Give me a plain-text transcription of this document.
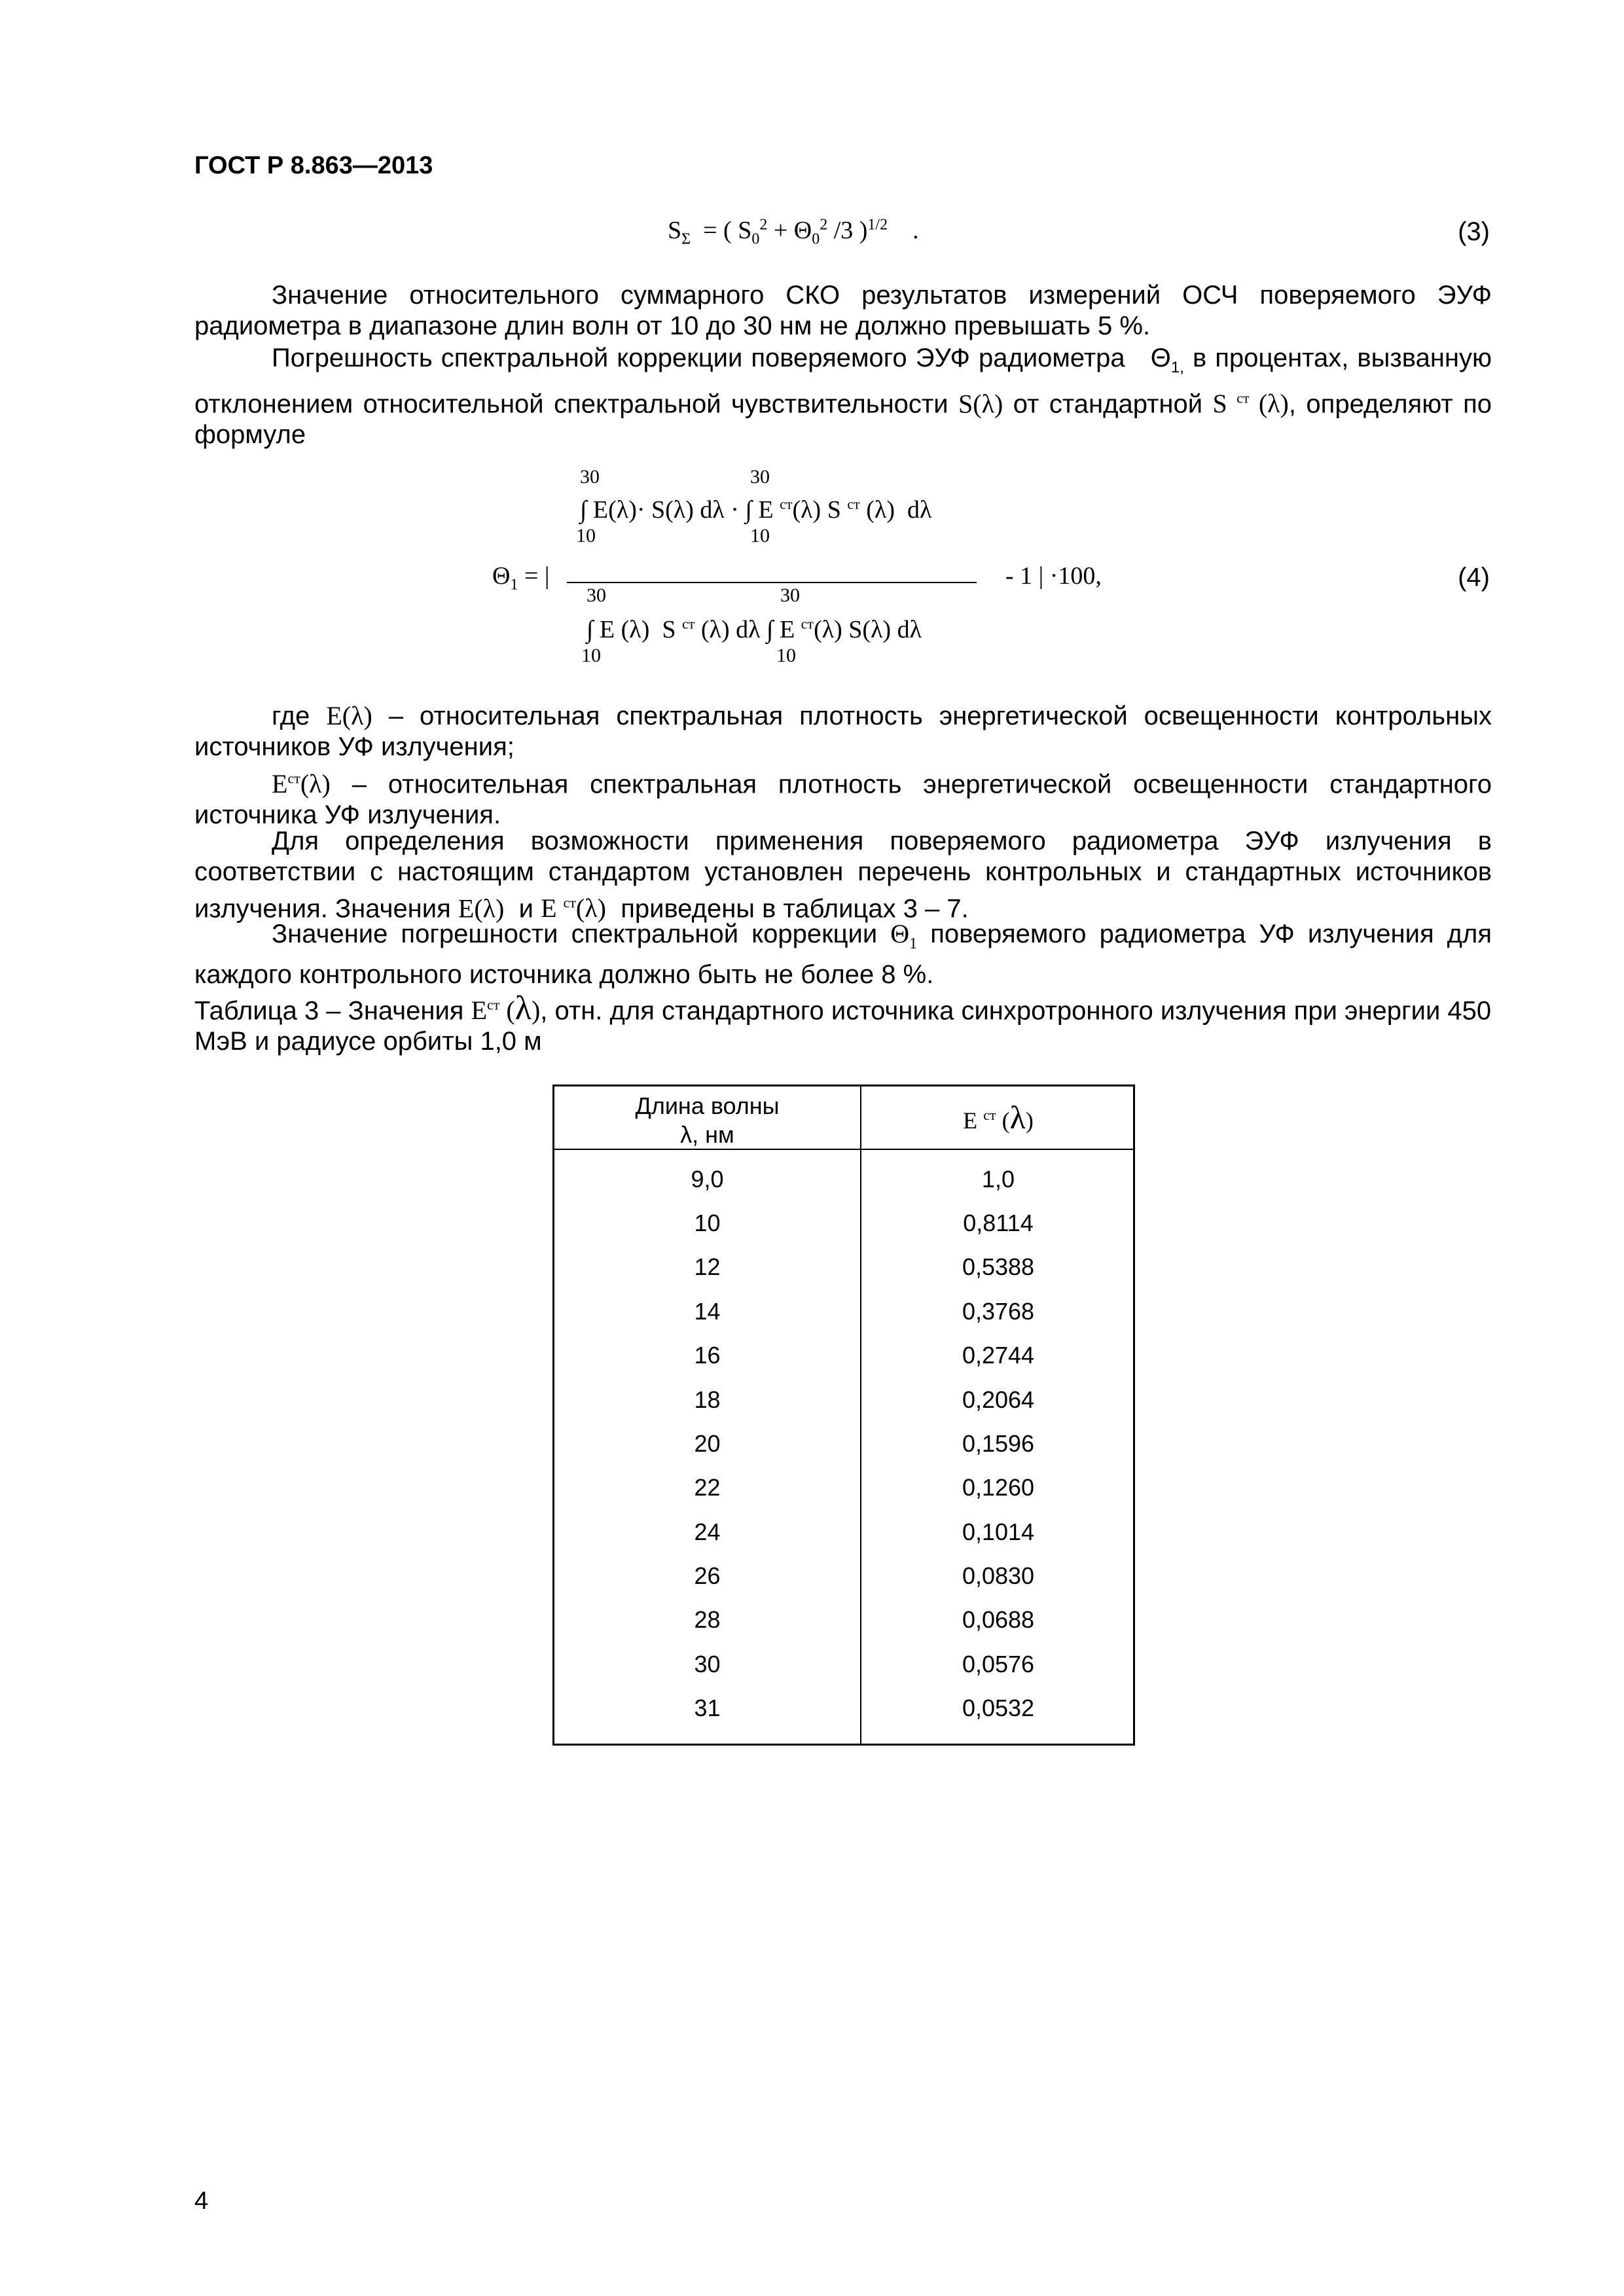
ГОСТ Р 8.863—2013
$S_\Sigma$  = ( $S_0^2 + \Theta_0^2$ /3 )$^{1/2}$    .	(3)
Значение относительного суммарного СКО результатов измерений ОСЧ поверяемого ЭУФ радиометра в диапазоне длин волн от 10 до 30 нм не должно превышать 5 %.
Погрешность спектральной коррекции поверяемого ЭУФ радиометра   $\Theta_{1,}$ в процентах, вызванную отклонением относительной спектральной чувствительности S(λ) от стандартной S $^{ст}$ (λ), определяют по формуле
30	30
∫ E(λ)· S(λ) dλ · ∫ E $^{ст}$(λ) S $^{ст}$ (λ)  dλ
10	10
$\Theta_1$ = |	- 1 | ·100,
30	30
∫ E (λ)  S $^{ст}$ (λ) dλ ∫ E $^{ст}$(λ) S(λ) dλ
10	10
(4)
где E(λ) – относительная спектральная плотность энергетической освещенности контрольных источников УФ излучения;
$E^{ст}(\lambda)$ – относительная спектральная плотность энергетической освещенности стандартного источника УФ излучения.
Для определения возможности применения поверяемого радиометра ЭУФ излучения в соответствии с настоящим стандартом установлен перечень контрольных и стандартных источников излучения. Значения E(λ) и E $^{ст}$(λ) приведены в таблицах 3 – 7.
Значение погрешности спектральной коррекции $\Theta_1$ поверяемого радиометра УФ излучения для каждого контрольного источника должно быть не более 8 %.
Таблица 3 – Значения $E^{ст}$ (λ), отн. для стандартного источника синхротронного излучения при энергии 450 МэВ и радиусе орбиты 1,0 м
Длина волны
λ, нм
E $^{ст}$ (λ)
9,0	1,0
10	0,8114
12	0,5388
14	0,3768
16	0,2744
18	0,2064
20	0,1596
22	0,1260
24	0,1014
26	0,0830
28	0,0688
30	0,0576
31	0,0532
4
